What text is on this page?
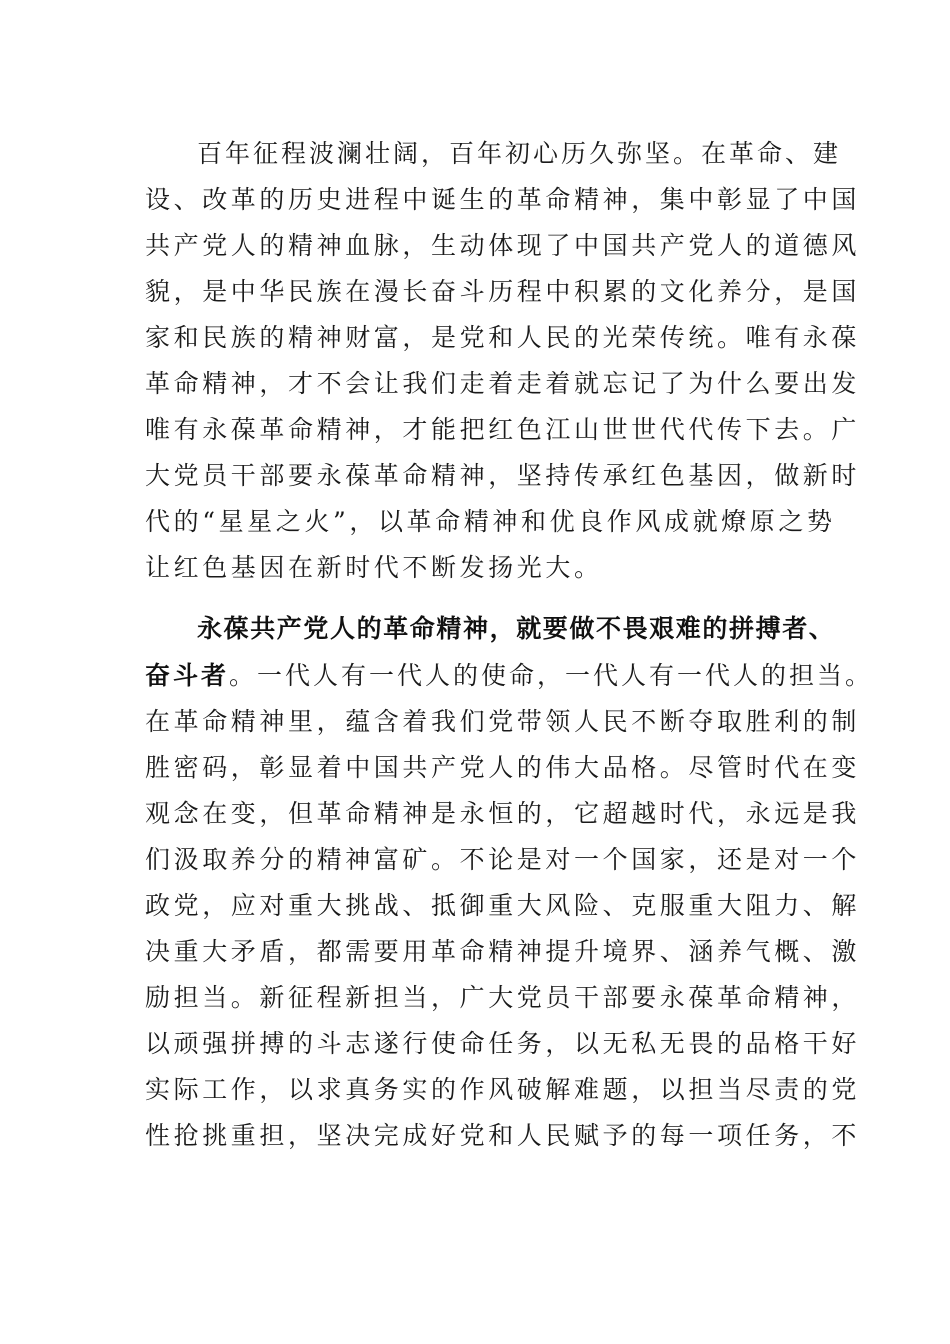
百年征程波澜壮阔，百年初心历久弥坚。在革命、建
设、改革的历史进程中诞生的革命精神，集中彰显了中国
共产党人的精神血脉，生动体现了中国共产党人的道德风
貌，是中华民族在漫长奋斗历程中积累的文化养分，是国
家和民族的精神财富，是党和人民的光荣传统。唯有永葆
革命精神，才不会让我们走着走着就忘记了为什么要出发
唯有永葆革命精神，才能把红色江山世世代代传下去。广
大党员干部要永葆革命精神，坚持传承红色基因，做新时
代的“星星之火”，以革命精神和优良作风成就燎原之势
让红色基因在新时代不断发扬光大。
永葆共产党人的革命精神，就要做不畏艰难的拼搏者、
奋斗者。一代人有一代人的使命，一代人有一代人的担当。
在革命精神里，蕴含着我们党带领人民不断夺取胜利的制
胜密码，彰显着中国共产党人的伟大品格。尽管时代在变
观念在变，但革命精神是永恒的，它超越时代，永远是我
们汲取养分的精神富矿。不论是对一个国家，还是对一个
政党，应对重大挑战、抵御重大风险、克服重大阻力、解
决重大矛盾，都需要用革命精神提升境界、涵养气概、激
励担当。新征程新担当，广大党员干部要永葆革命精神，
以顽强拼搏的斗志遂行使命任务，以无私无畏的品格干好
实际工作，以求真务实的作风破解难题，以担当尽责的党
性抢挑重担，坚决完成好党和人民赋予的每一项任务，不
